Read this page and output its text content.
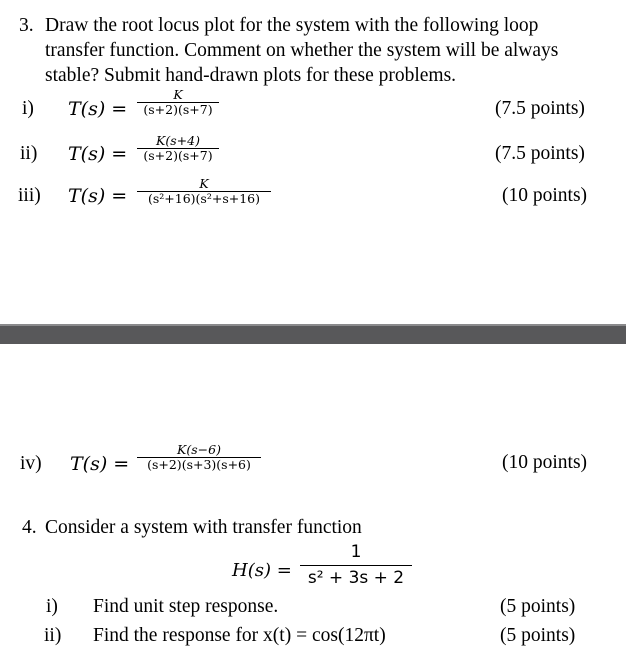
3. Draw the root locus plot for the system with the following loop
transfer function. Comment on whether the system will be always
stable? Submit hand-drawn plots for these problems.
i) T(s) =
K
(s+2)(s+7)	(7.5 points)
ii) T(s) =
K(s+4)
(s+2)(s+7)	(7.5 points)
iii) T(s) =
K
(s²+16)(s²+s+16)	(10 points)
iv) T(s) =
K(s−6)
(s+2)(s+3)(s+6)	(10 points)
4. Consider a system with transfer function
H(s) =
1
s² + 3s + 2
i) Find unit step response.	(5 points)
ii) Find the response for x(t) = cos(12πt)	(5 points)
